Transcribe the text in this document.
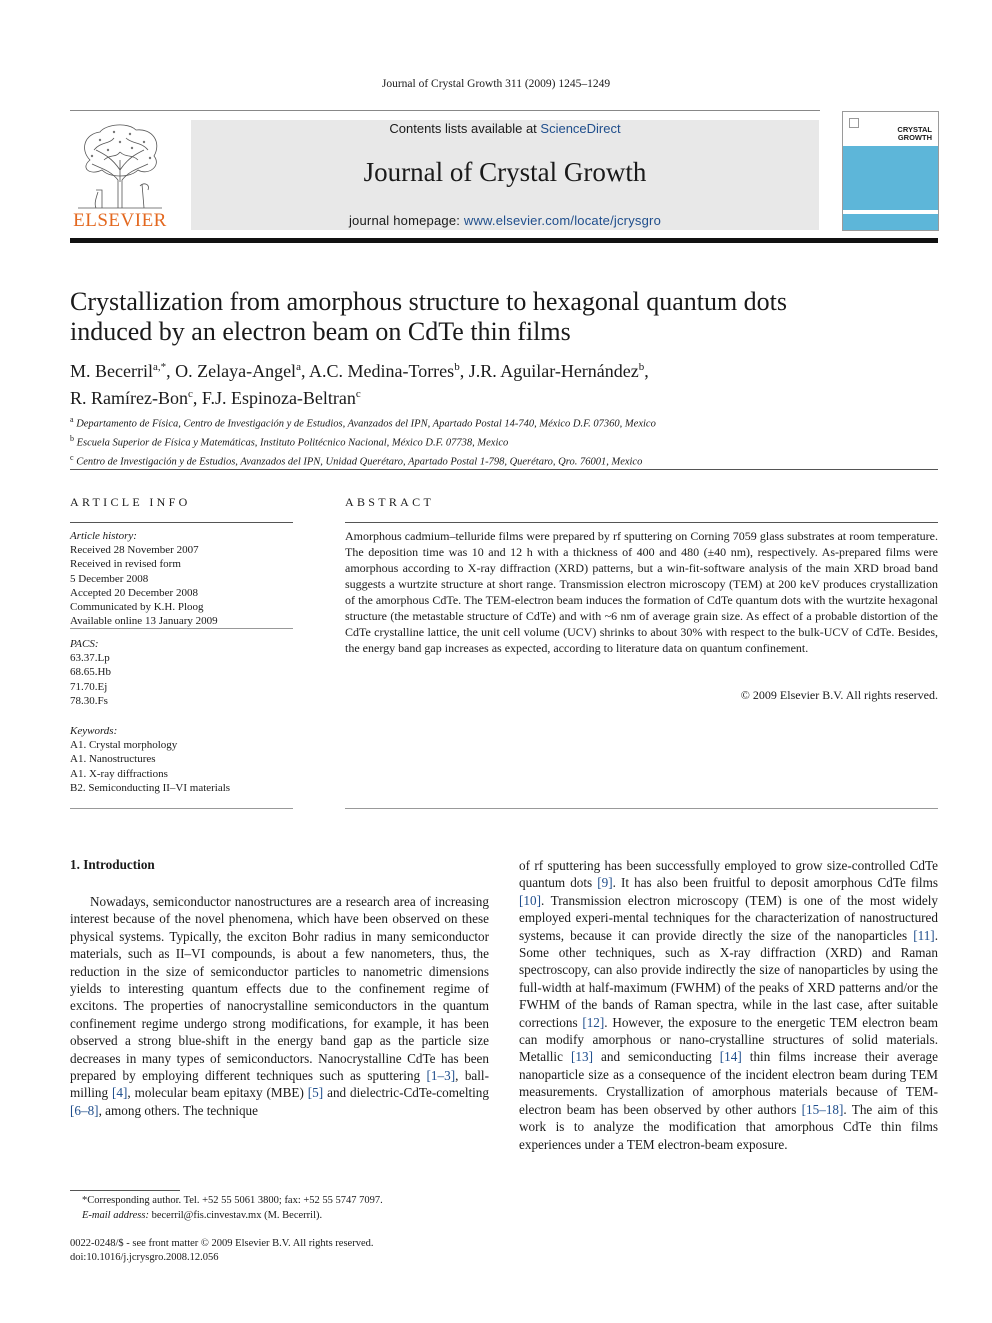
Journal of Crystal Growth 311 (2009) 1245–1249
ELSEVIER
Contents lists available at ScienceDirect
Journal of Crystal Growth
journal homepage: www.elsevier.com/locate/jcrysgro
CRYSTAL
GROWTH
Crystallization from amorphous structure to hexagonal quantum dots
induced by an electron beam on CdTe thin films
M. Becerril$^{a,*}$, O. Zelaya-Angel$^a$, A.C. Medina-Torres$^b$, J.R. Aguilar-Hernández$^b$,
R. Ramírez-Bon$^c$, F.J. Espinoza-Beltran$^c$
$^a$ Departamento de Física, Centro de Investigación y de Estudios, Avanzados del IPN, Apartado Postal 14-740, México D.F. 07360, Mexico
$^b$ Escuela Superior de Física y Matemáticas, Instituto Politécnico Nacional, México D.F. 07738, Mexico
$^c$ Centro de Investigación y de Estudios, Avanzados del IPN, Unidad Querétaro, Apartado Postal 1-798, Querétaro, Qro. 76001, Mexico
ARTICLE INFO
Article history:
Received 28 November 2007
Received in revised form
5 December 2008
Accepted 20 December 2008
Communicated by K.H. Ploog
Available online 13 January 2009
PACS:
63.37.Lp
68.65.Hb
71.70.Ej
78.30.Fs
Keywords:
A1. Crystal morphology
A1. Nanostructures
A1. X-ray diffractions
B2. Semiconducting II–VI materials
ABSTRACT
Amorphous cadmium–telluride films were prepared by rf sputtering on Corning 7059 glass substrates at room temperature. The deposition time was 10 and 12 h with a thickness of 400 and 480 (±40 nm), respectively. As-prepared films were amorphous according to X-ray diffraction (XRD) patterns, but a win-fit-software analysis of the main XRD broad band suggests a wurtzite structure at short range. Transmission electron microscopy (TEM) at 200 keV produces crystallization of the amorphous CdTe. The TEM-electron beam induces the formation of CdTe quantum dots with the wurtzite hexagonal structure (the metastable structure of CdTe) and with ~6 nm of average grain size. As effect of a probable distortion of the CdTe crystalline lattice, the unit cell volume (UCV) shrinks to about 30% with respect to the bulk-UCV of CdTe. Besides, the energy band gap increases as expected, according to literature data on quantum confinement.
© 2009 Elsevier B.V. All rights reserved.
1. Introduction
Nowadays, semiconductor nanostructures are a research area of increasing interest because of the novel phenomena, which have been observed on these physical systems. Typically, the exciton Bohr radius in many semiconductor materials, such as II–VI compounds, is about a few nanometers, thus, the reduction in the size of semiconductor particles to nanometric dimensions yields to interesting quantum effects due to the confinement regime of excitons. The properties of nanocrystalline semiconductors in the quantum confinement regime undergo strong modifications, for example, it has been observed a strong blue-shift in the energy band gap as the particle size decreases in many types of semiconductors. Nanocrystalline CdTe has been prepared by employing different techniques such as sputtering [1–3], ball-milling [4], molecular beam epitaxy (MBE) [5] and dielectric-CdTe-comelting [6–8], among others. The technique
of rf sputtering has been successfully employed to grow size-controlled CdTe quantum dots [9]. It has also been fruitful to deposit amorphous CdTe films [10]. Transmission electron microscopy (TEM) is one of the most widely employed experi-mental techniques for the characterization of nanostructured systems, because it can provide directly the size of the nanoparticles [11]. Some other techniques, such as X-ray diffraction (XRD) and Raman spectroscopy, can also provide indirectly the size of nanoparticles by using the full-width at half-maximum (FWHM) of the peaks of XRD patterns and/or the FWHM of the bands of Raman spectra, while in the last case, after suitable corrections [12]. However, the exposure to the energetic TEM electron beam can modify amorphous or nano-crystalline structures of solid materials. Metallic [13] and semiconducting [14] thin films increase their average nanoparticle size as a consequence of the incident electron beam during TEM measurements. Crystallization of amorphous materials because of TEM-electron beam has been observed by other authors [15–18]. The aim of this work is to analyze the modification that amorphous CdTe thin films experiences under a TEM electron-beam exposure.
*Corresponding author. Tel. +52 55 5061 3800; fax: +52 55 5747 7097.
E-mail address: becerril@fis.cinvestav.mx (M. Becerril).
0022-0248/$ - see front matter © 2009 Elsevier B.V. All rights reserved.
doi:10.1016/j.jcrysgro.2008.12.056
